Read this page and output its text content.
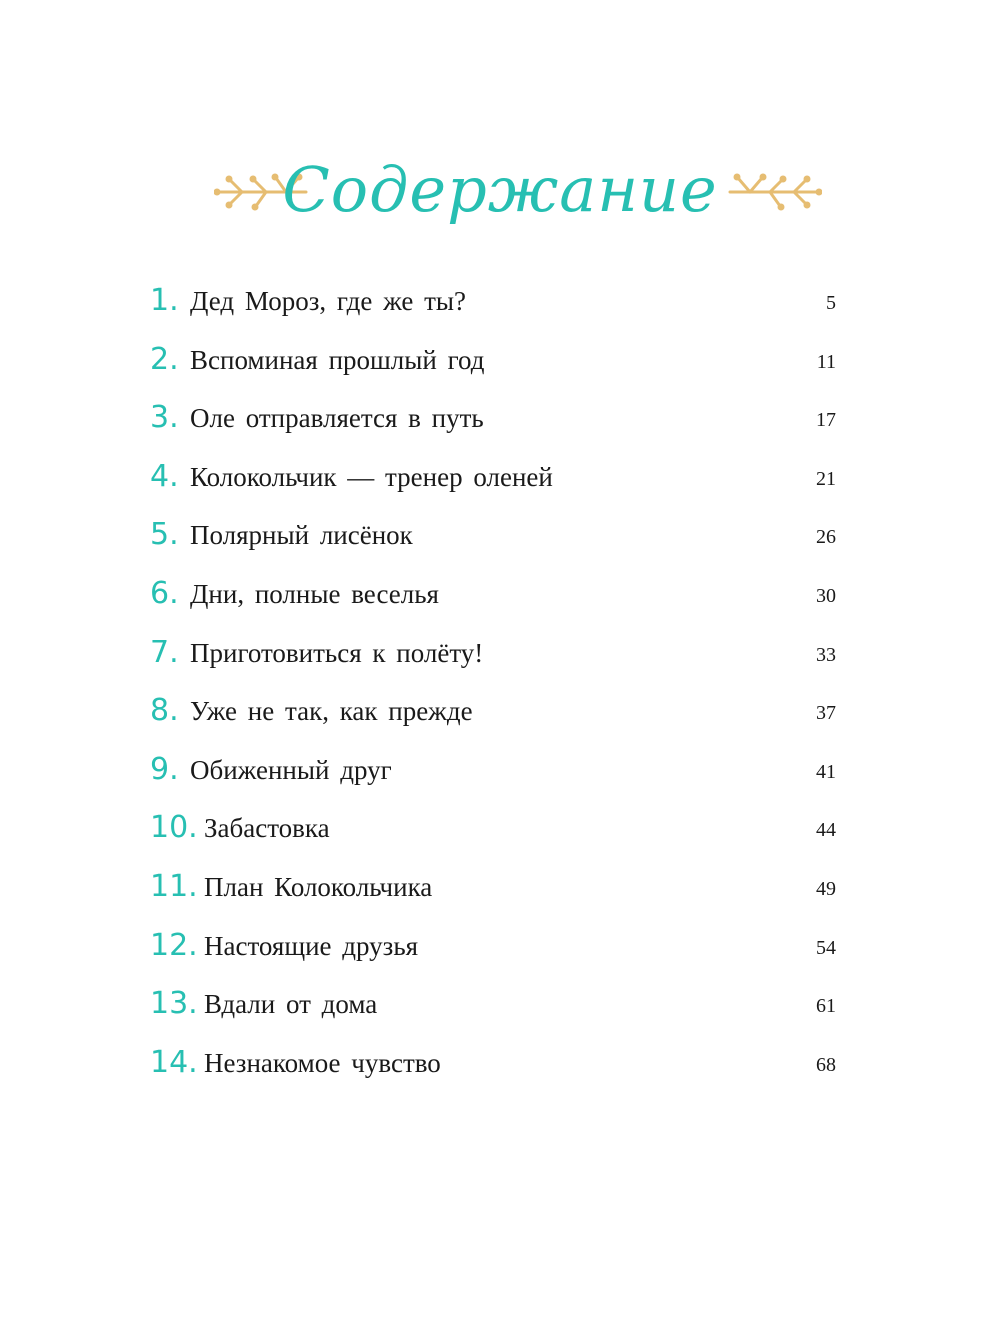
Содержание
1. Дед Мороз, где же ты?	5
2. Вспоминая прошлый год	11
3. Оле отправляется в путь	17
4. Колокольчик — тренер оленей	21
5. Полярный лисёнок	26
6. Дни, полные веселья	30
7. Приготовиться к полёту!	33
8. Уже не так, как прежде	37
9. Обиженный друг	41
10. Забастовка	44
11. План Колокольчика	49
12. Настоящие друзья	54
13. Вдали от дома	61
14. Незнакомое чувство	68
